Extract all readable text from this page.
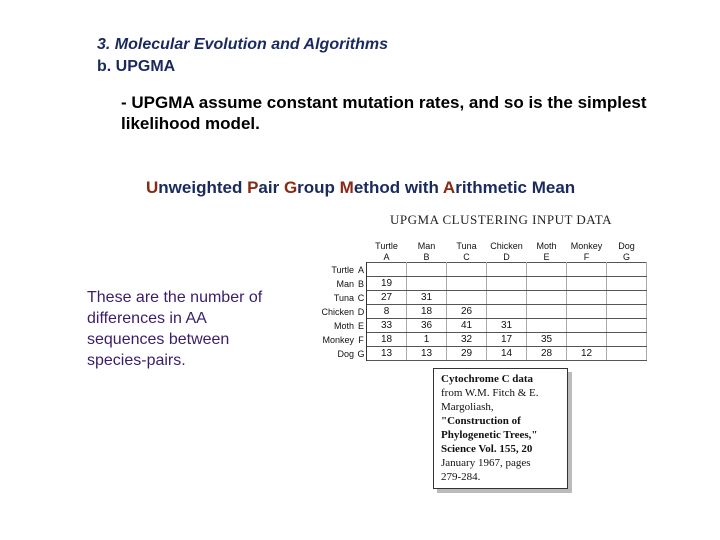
3. Molecular Evolution and Algorithms
b. UPGMA
- UPGMA assume constant mutation rates, and so is the simplest likelihood model.
Unweighted Pair Group Method with Arithmetic Mean
These are the number of differences in AA sequences between species-pairs.
UPGMA CLUSTERING INPUT DATA
		Turtle	Man	Tuna	Chicken	Moth	Monkey	Dog
		A	B	C	D	E	F	G
Turtle	A							
Man	B	19						
Tuna	C	27	31					
Chicken	D	8	18	26				
Moth	E	33	36	41	31			
Monkey	F	18	1	32	17	35		
Dog	G	13	13	29	14	28	12	
Cytochrome C data
from W.M. Fitch & E.
Margoliash,
"Construction of
Phylogenetic Trees,"
Science Vol. 155, 20
January 1967, pages
279-284.
